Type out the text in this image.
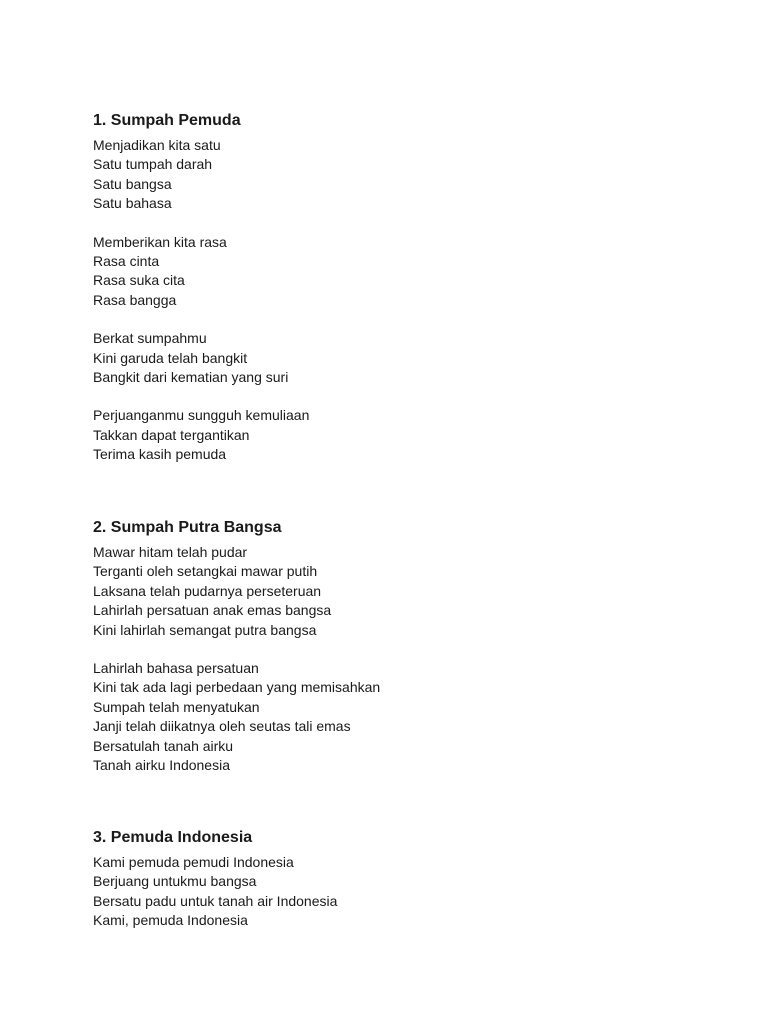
1. Sumpah Pemuda
Menjadikan kita satu
Satu tumpah darah
Satu bangsa
Satu bahasa
Memberikan kita rasa
Rasa cinta
Rasa suka cita
Rasa bangga
Berkat sumpahmu
Kini garuda telah bangkit
Bangkit dari kematian yang suri
Perjuanganmu sungguh kemuliaan
Takkan dapat tergantikan
Terima kasih pemuda
2. Sumpah Putra Bangsa
Mawar hitam telah pudar
Terganti oleh setangkai mawar putih
Laksana telah pudarnya perseteruan
Lahirlah persatuan anak emas bangsa
Kini lahirlah semangat putra bangsa
Lahirlah bahasa persatuan
Kini tak ada lagi perbedaan yang memisahkan
Sumpah telah menyatukan
Janji telah diikatnya oleh seutas tali emas
Bersatulah tanah airku
Tanah airku Indonesia
3. Pemuda Indonesia
Kami pemuda pemudi Indonesia
Berjuang untukmu bangsa
Bersatu padu untuk tanah air Indonesia
Kami, pemuda Indonesia
